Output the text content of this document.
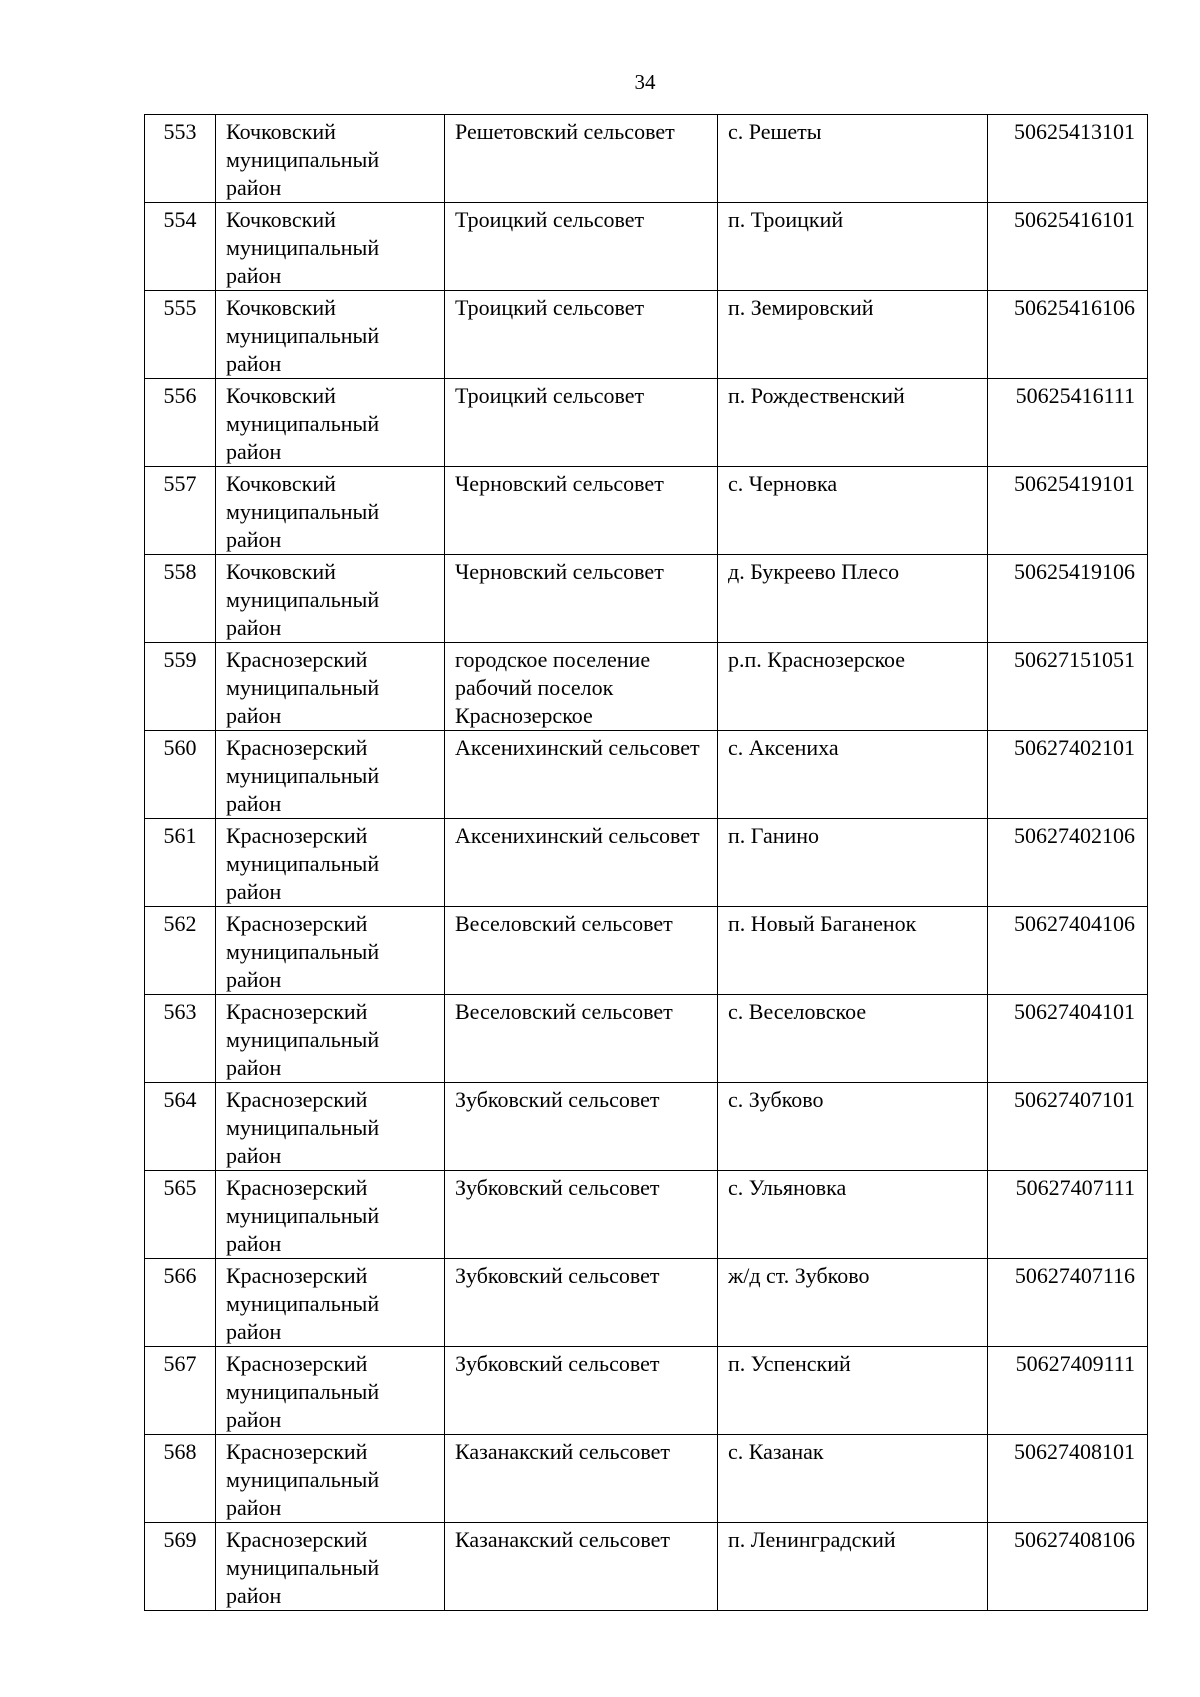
34
553	Кочковский
муниципальный
район	Решетовский сельсовет	с. Решеты	50625413101
554	Кочковский
муниципальный
район	Троицкий сельсовет	п. Троицкий	50625416101
555	Кочковский
муниципальный
район	Троицкий сельсовет	п. Земировский	50625416106
556	Кочковский
муниципальный
район	Троицкий сельсовет	п. Рождественский	50625416111
557	Кочковский
муниципальный
район	Черновский сельсовет	с. Черновка	50625419101
558	Кочковский
муниципальный
район	Черновский сельсовет	д. Букреево Плесо	50625419106
559	Краснозерский
муниципальный
район	городское поселение рабочий поселок Краснозерское	р.п. Краснозерское	50627151051
560	Краснозерский
муниципальный
район	Аксенихинский сельсовет	с. Аксениха	50627402101
561	Краснозерский
муниципальный
район	Аксенихинский сельсовет	п. Ганино	50627402106
562	Краснозерский
муниципальный
район	Веселовский сельсовет	п. Новый Баганенок	50627404106
563	Краснозерский
муниципальный
район	Веселовский сельсовет	с. Веселовское	50627404101
564	Краснозерский
муниципальный
район	Зубковский сельсовет	с. Зубково	50627407101
565	Краснозерский
муниципальный
район	Зубковский сельсовет	с. Ульяновка	50627407111
566	Краснозерский
муниципальный
район	Зубковский сельсовет	ж/д ст. Зубково	50627407116
567	Краснозерский
муниципальный
район	Зубковский сельсовет	п. Успенский	50627409111
568	Краснозерский
муниципальный
район	Казанакский сельсовет	с. Казанак	50627408101
569	Краснозерский
муниципальный
район	Казанакский сельсовет	п. Ленинградский	50627408106
